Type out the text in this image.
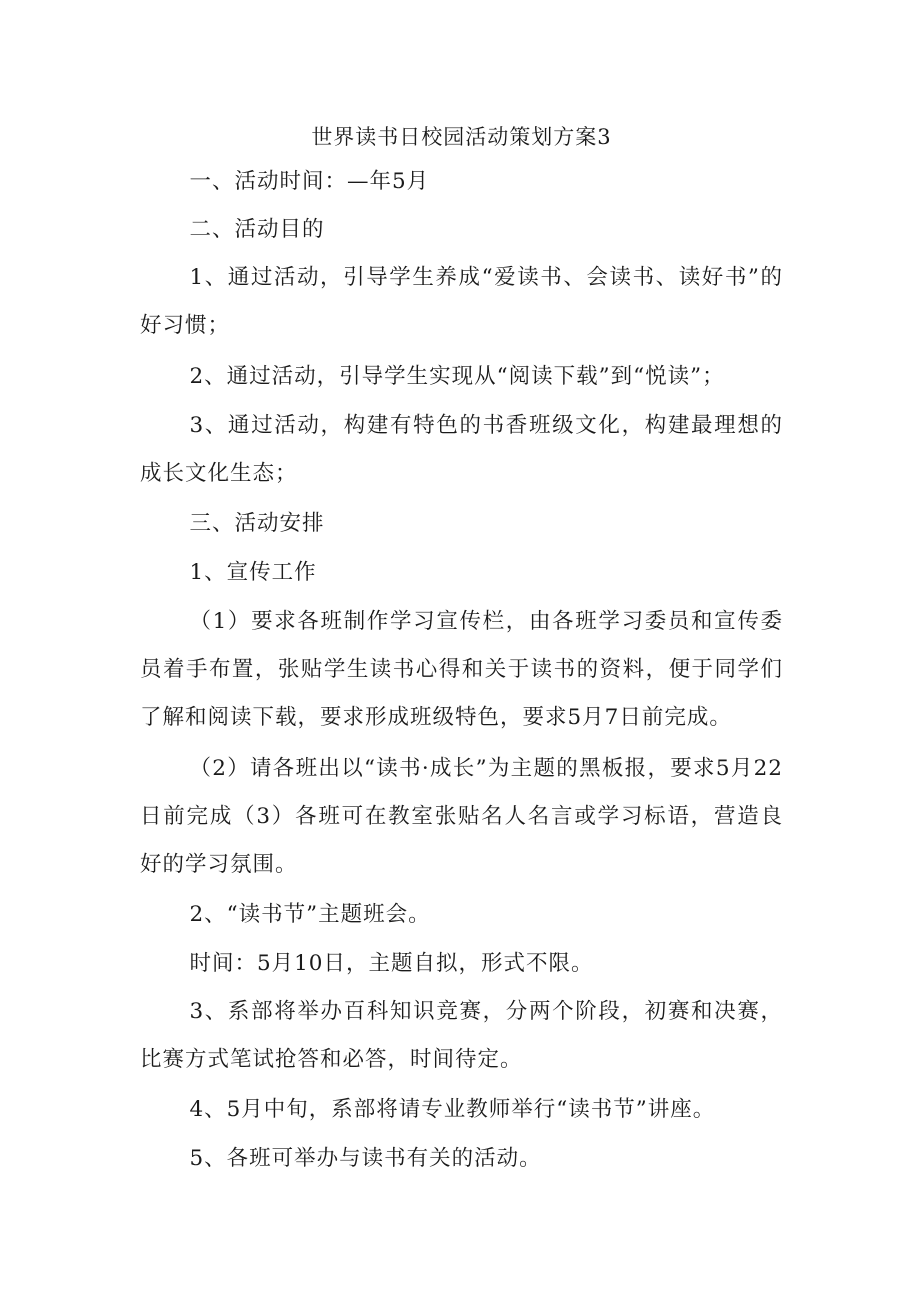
世界读书日校园活动策划方案3

一、活动时间：—年5月

二、活动目的

1、通过活动，引导学生养成“爱读书、会读书、读好书”的好习惯；

2、通过活动，引导学生实现从“阅读下载”到“悦读”；

3、通过活动，构建有特色的书香班级文化，构建最理想的成长文化生态；

三、活动安排

1、宣传工作

（1）要求各班制作学习宣传栏，由各班学习委员和宣传委员着手布置，张贴学生读书心得和关于读书的资料，便于同学们了解和阅读下载，要求形成班级特色，要求5月7日前完成。

（2）请各班出以“读书·成长”为主题的黑板报，要求5月22日前完成（3）各班可在教室张贴名人名言或学习标语，营造良好的学习氛围。

2、“读书节”主题班会。

时间：5月10日，主题自拟，形式不限。

3、系部将举办百科知识竞赛，分两个阶段，初赛和决赛，比赛方式笔试抢答和必答，时间待定。

4、5月中旬，系部将请专业教师举行“读书节”讲座。

5、各班可举办与读书有关的活动。
